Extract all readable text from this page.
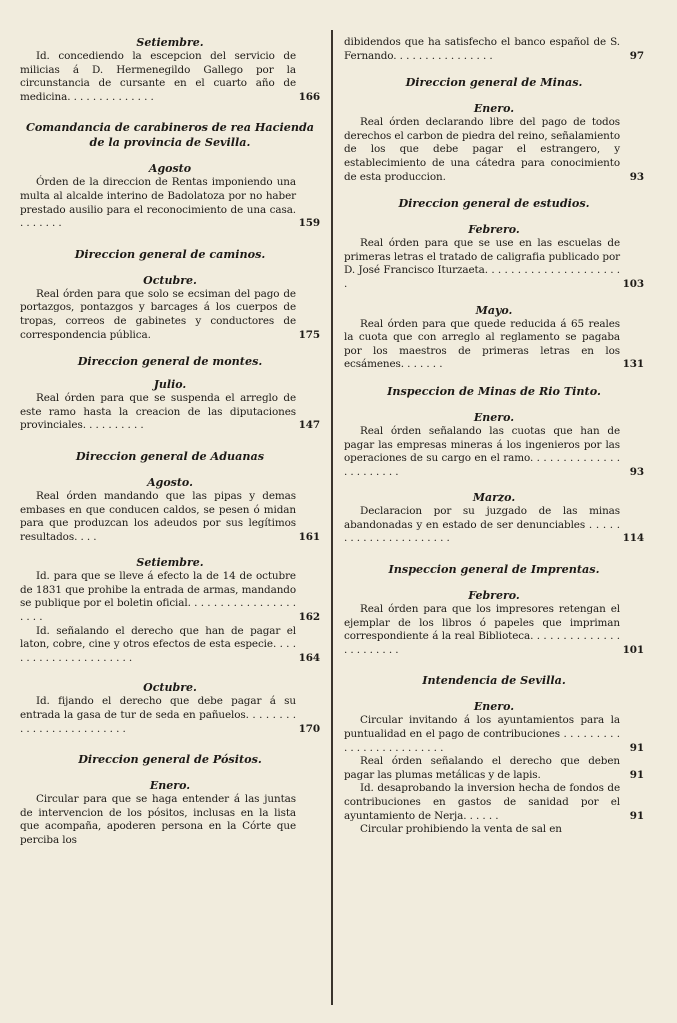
Setiembre.

Id. concediendo la escepcion del servicio de milicias á D. Hermenegildo Gallego por la circunstancia de cursante en el cuarto año de medicina. . . . . . . . . . . . . .	166

Comandancia de carabineros de rea Hacienda de la provincia de Sevilla.

Agosto

Órden de la direccion de Rentas imponiendo una multa al alcalde interino de Badolatoza por no haber prestado ausilio para el reconocimiento de una casa. . . . . . . .	159

Direccion general de caminos.

Octubre.

Real órden para que solo se ecsiman del pago de portazgos, pontazgos y barcages á los cuerpos de tropas, correos de gabinetes y conductores de correspondencia pública.	175

Direccion general de montes.

Julio.

Real órden para que se suspenda el arreglo de este ramo hasta la creacion de las diputaciones provinciales. . . . . . . . . .	147

Direccion general de Aduanas

Agosto.

Real órden mandando que las pipas y demas embases en que conducen caldos, se pesen ó midan para que produzcan los adeudos por sus legítimos resultados. . . .	161

Setiembre.

Id. para que se lleve á efecto la de 14 de octubre de 1831 que prohibe la entrada de armas, mandando se publique por el boletin oficial. . . . . . . . . . . . . . . . . . . . .	162
Id. señalando el derecho que han de pagar el laton, cobre, cine y otros efectos de esta especie. . . . . . . . . . . . . . . . . . . . . .	164

Octubre.

Id. fijando el derecho que debe pagar á su entrada la gasa de tur de seda en pañuelos. . . . . . . . . . . . . . . . . . . . . . . . .	170

Direccion general de Pósitos.

Enero.

Circular para que se haga entender á las juntas de intervencion de los pósitos, inclusas en la lista que acompaña, apoderen persona en la Córte que perciba los
dibidendos que ha satisfecho el banco español de S. Fernando. . . . . . . . . . . . . . . .	97

Direccion general de Minas.

Enero.

Real órden declarando libre del pago de todos derechos el carbon de piedra del reino, señalamiento de los que debe pagar el estrangero, y establecimiento de una cátedra para conocimiento de esta produccion.	93

Direccion general de estudios.

Febrero.

Real órden para que se use en las escuelas de primeras letras el tratado de caligrafia publicado por D. José Francisco Iturzaeta. . . . . . . . . . . . . . . . . . . . . .	103

Mayo.

Real órden para que quede reducida á 65 reales la cuota que con arreglo al reglamento se pagaba por los maestros de primeras letras en los ecsámenes. . . . . . .	131

Inspeccion de Minas de Rio Tinto.

Enero.

Real órden señalando las cuotas que han de pagar las empresas mineras á los ingenieros por las operaciones de su cargo en el ramo. . . . . . . . . . . . . . . . . . . . . . .	93

Marzo.

Declaracion por su juzgado de las minas abandonadas y en estado de ser denunciables . . . . . . . . . . . . . . . . . . . . . .	114

Inspeccion general de Imprentas.

Febrero.

Real órden para que los impresores retengan el ejemplar de los libros ó papeles que impriman correspondiente á la real Biblioteca. . . . . . . . . . . . . . . . . . . . . . .	101

Intendencia de Sevilla.

Enero.

Circular invitando á los ayuntamientos para la puntualidad en el pago de contribuciones . . . . . . . . . . . . . . . . . . . . . . . . .	91
Real órden señalando el derecho que deben pagar las plumas metálicas y de lapis.	91
Id. desaprobando la inversion hecha de fondos de contribuciones en gastos de sanidad por el ayuntamiento de Nerja. . . . . .	91
Circular prohibiendo la venta de sal en
